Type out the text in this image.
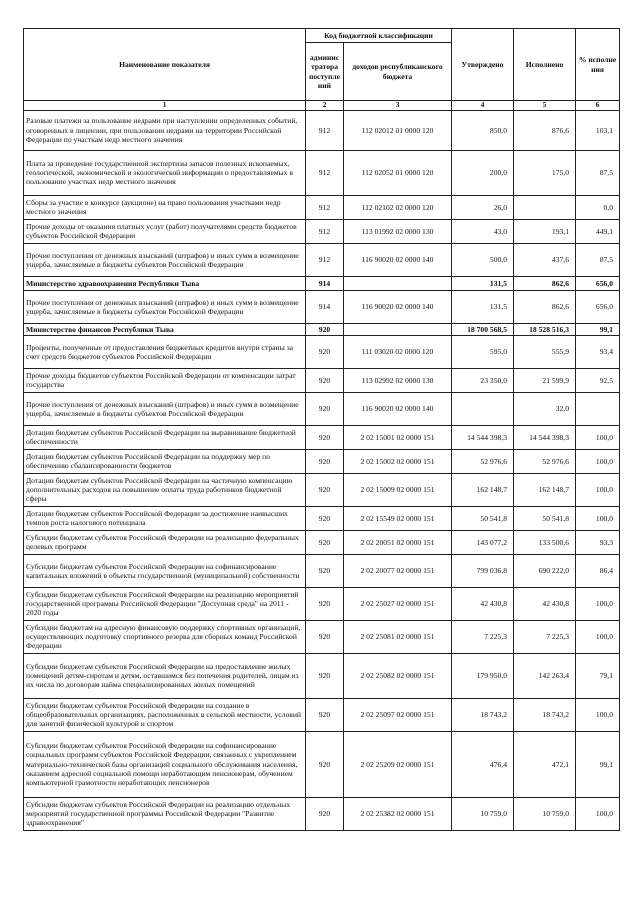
Наименование показателя	Код бюджетной классификации		Утверждено	Исполнено	% исполне ния
	админис тратора поступле ний	доходов республиканского бюджета			
1	2	3	4	5	6
Разовые платежи за пользование недрами при наступлении определенных событий, оговоренных в лицензии, при пользовании недрами на территории Российской Федерации по участкам недр местного значения	912	112 02012 01 0000 120	850,0	876,6	103,1
Плата за проведение государственной экспертизы запасов полезных ископаемых, геологической, экономической и экологической информации о предоставляемых в пользование участках недр местного значения	912	112 02052 01 0000 120	200,0	175,0	87,5
Сборы за участие в конкурсе (аукционе) на право пользования участками недр местного значения	912	112 02102 02 0000 120	26,0		0,0
Прочие доходы от оказания платных услуг (работ) получателями средств бюджетов субъектов Российской Федерации	912	113 01992 02 0000 130	43,0	193,1	449,1
Прочие поступления от денежных взысканий (штрафов) и иных сумм в возмещение ущерба, зачисляемые в бюджеты субъектов Российской Федерации	912	116 90020 02 0000 140	500,0	437,6	87,5
Министерство здравоохранения Республики Тыва	914		131,5	862,6	656,0
Прочие поступления от денежных взысканий (штрафов) и иных сумм в возмещение ущерба, зачисляемые в бюджеты субъектов Российской Федерации	914	116 90020 02 0000 140	131,5	862,6	656,0
Министерство финансов Республики Тыва	920		18 700 568,5	18 528 516,3	99,1
Проценты, полученные от предоставления бюджетных кредитов внутри страны за счет средств бюджетов субъектов Российской Федерации	920	111 03020 02 0000 120	595,0	555,9	93,4
Прочие доходы бюджетов субъектов Российской Федерации от компенсации затрат государства	920	113 02992 02 0000 130	23 350,0	21 599,9	92,5
Прочие поступления от денежных взысканий (штрафов) и иных сумм в возмещение ущерба, зачисляемые в бюджеты субъектов Российской Федерации	920	116 90020 02 0000 140		32,0	
Дотации бюджетам субъектов Российской Федерации на выравнивание бюджетной обеспеченности	920	2 02 15001 02 0000 151	14 544 398,3	14 544 398,3	100,0
Дотации бюджетам субъектов Российской Федерации на поддержку мер по обеспечению сбалансированности бюджетов	920	2 02 15002 02 0000 151	52 976,6	52 976,6	100,0
Дотации бюджетам субъектов Российской Федерации на частичную компенсацию дополнительных расходов на повышение оплаты труда работников бюджетной сферы	920	2 02 15009 02 0000 151	162 148,7	162 148,7	100,0
Дотации бюджетам субъектов Российской Федерации за достижение наивысших темпов роста налогового потенциала	920	2 02 15549 02 0000 151	50 541,8	50 541,8	100,0
Субсидии бюджетам субъектов Российской Федерации на реализацию федеральных целевых программ	920	2 02 20051 02 0000 151	143 077,2	133 500,6	93,3
Субсидии бюджетам субъектов Российской Федерации на софинансирование капитальных вложений в объекты государственной (муниципальной) собственности	920	2 02 20077 02 0000 151	799 036,8	690 222,0	86,4
Субсидии бюджетам субъектов Российской Федерации на реализацию мероприятий государственной программы Российской Федерации "Доступная среда" на 2011 - 2020 годы	920	2 02 25027 02 0000 151	42 430,8	42 430,8	100,0
Субсидии бюджетам на адресную финансовую поддержку спортивных организаций, осуществляющих подготовку спортивного резерва для сборных команд Российской Федерации	920	2 02 25081 02 0000 151	7 225,3	7 225,3	100,0
Субсидии бюджетам субъектов Российской Федерации на предоставление жилых помещений детям-сиротам и детям, оставшимся без попечения родителей, лицам из их числа по договорам найма специализированных жилых помещений	920	2 02 25082 02 0000 151	179 950,0	142 263,4	79,1
Субсидии бюджетам субъектов Российской Федерации на создание в общеобразовательных организациях, расположенных в сельской местности, условий для занятий физической культурой и спортом	920	2 02 25097 02 0000 151	18 743,2	18 743,2	100,0
Субсидии бюджетам субъектов Российской Федерации на софинансирование социальных программ субъектов Российской Федерации, связанных с укреплением материально-технической базы организаций социального обслуживания населения, оказанием адресной социальной помощи неработающим пенсионерам, обучением компьютерной грамотности неработающих пенсионеров	920	2 02 25209 02 0000 151	476,4	472,1	99,1
Субсидии бюджетам субъектов Российской Федерации на реализацию отдельных мероприятий государственной программы Российской Федерации "Развитие здравоохранения"	920	2 02 25382 02 0000 151	10 759,0	10 759,0	100,0
